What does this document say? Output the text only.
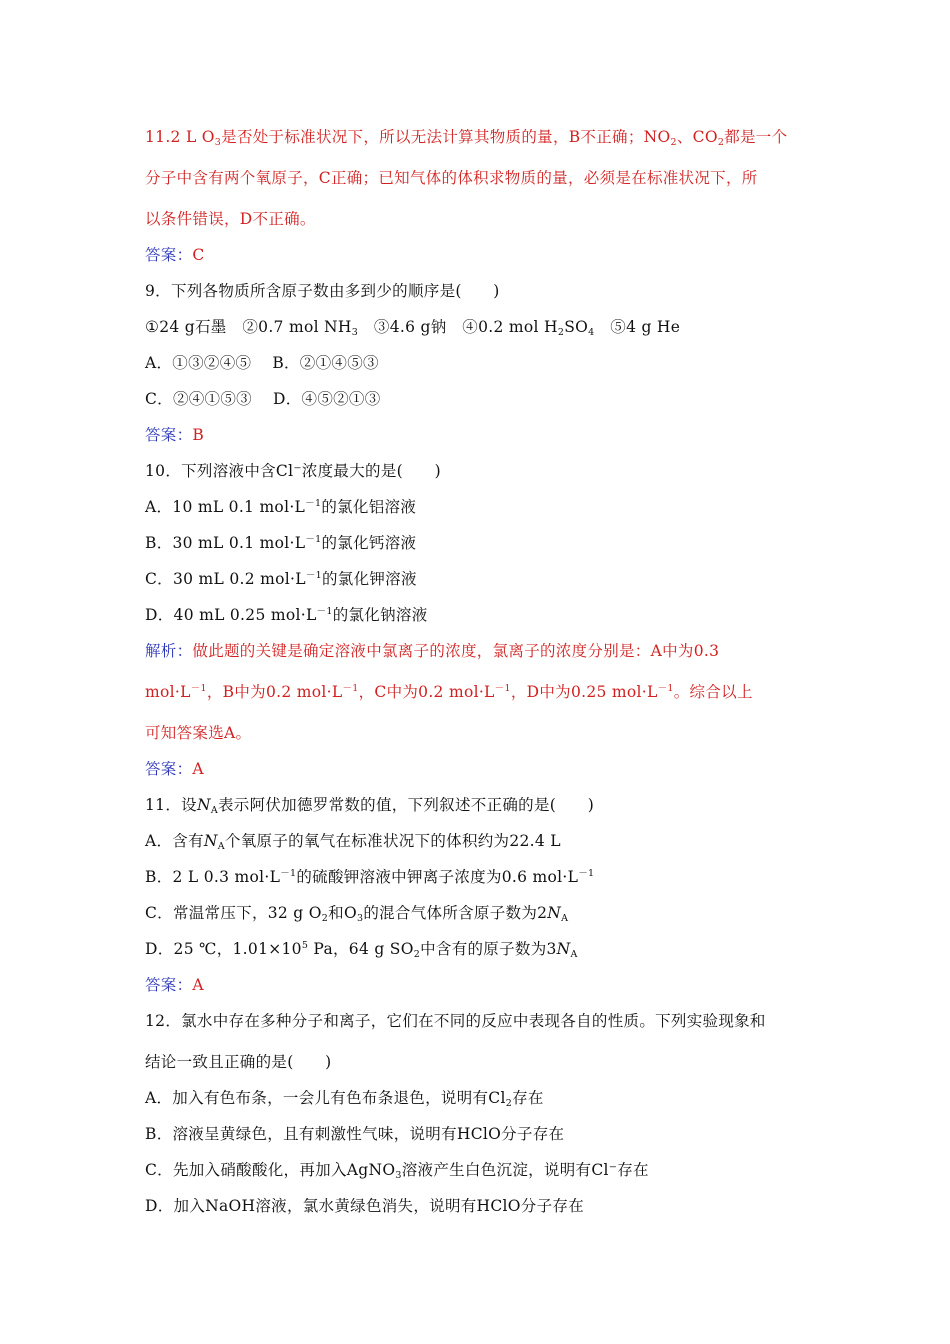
11.2 L $O_3$是否处于标准状况下，所以无法计算其物质的量，B不正确；$NO_2$、$CO_2$都是一个
分子中含有两个氧原子，C正确；已知气体的体积求物质的量，必须是在标准状况下，所
以条件错误，D不正确。
答案：C
9．下列各物质所含原子数由多到少的顺序是(　　)
①24 g石墨　②0.7 mol $NH_3$　③4.6 g钠　④0.2 mol $H_2SO_4$　⑤4 g He
A．①③②④⑤　 B．②①④⑤③
C．②④①⑤③　 D．④⑤②①③
答案：B
10．下列溶液中含Cl⁻浓度最大的是(　　)
A．10 mL 0.1 $mol\cdot L^{-1}$的氯化铝溶液
B．30 mL 0.1 $mol\cdot L^{-1}$的氯化钙溶液
C．30 mL 0.2 $mol\cdot L^{-1}$的氯化钾溶液
D．40 mL 0.25 $mol\cdot L^{-1}$的氯化钠溶液
解析：做此题的关键是确定溶液中氯离子的浓度，氯离子的浓度分别是：A中为0.3
$mol\cdot L^{-1}$，B中为0.2 $mol\cdot L^{-1}$，C中为0.2 $mol\cdot L^{-1}$，D中为0.25 $mol\cdot L^{-1}$。综合以上
可知答案选A。
答案：A
11．设$N_A$表示阿伏加德罗常数的值，下列叙述不正确的是(　　)
A．含有$N_A$个氧原子的氧气在标准状况下的体积约为22.4 L
B．2 L 0.3 $mol\cdot L^{-1}$的硫酸钾溶液中钾离子浓度为0.6 $mol\cdot L^{-1}$
C．常温常压下，32 g $O_2$和$O_3$的混合气体所含原子数为$2N_A$
D．25 ℃，$1.01\times 10^5$ Pa，64 g $SO_2$中含有的原子数为$3N_A$
答案：A
12．氯水中存在多种分子和离子，它们在不同的反应中表现各自的性质。下列实验现象和
结论一致且正确的是(　　)
A．加入有色布条，一会儿有色布条退色，说明有$Cl_2$存在
B．溶液呈黄绿色，且有刺激性气味，说明有HClO分子存在
C．先加入硝酸酸化，再加入AgNO$_3$溶液产生白色沉淀，说明有Cl⁻存在
D．加入NaOH溶液，氯水黄绿色消失，说明有HClO分子存在
